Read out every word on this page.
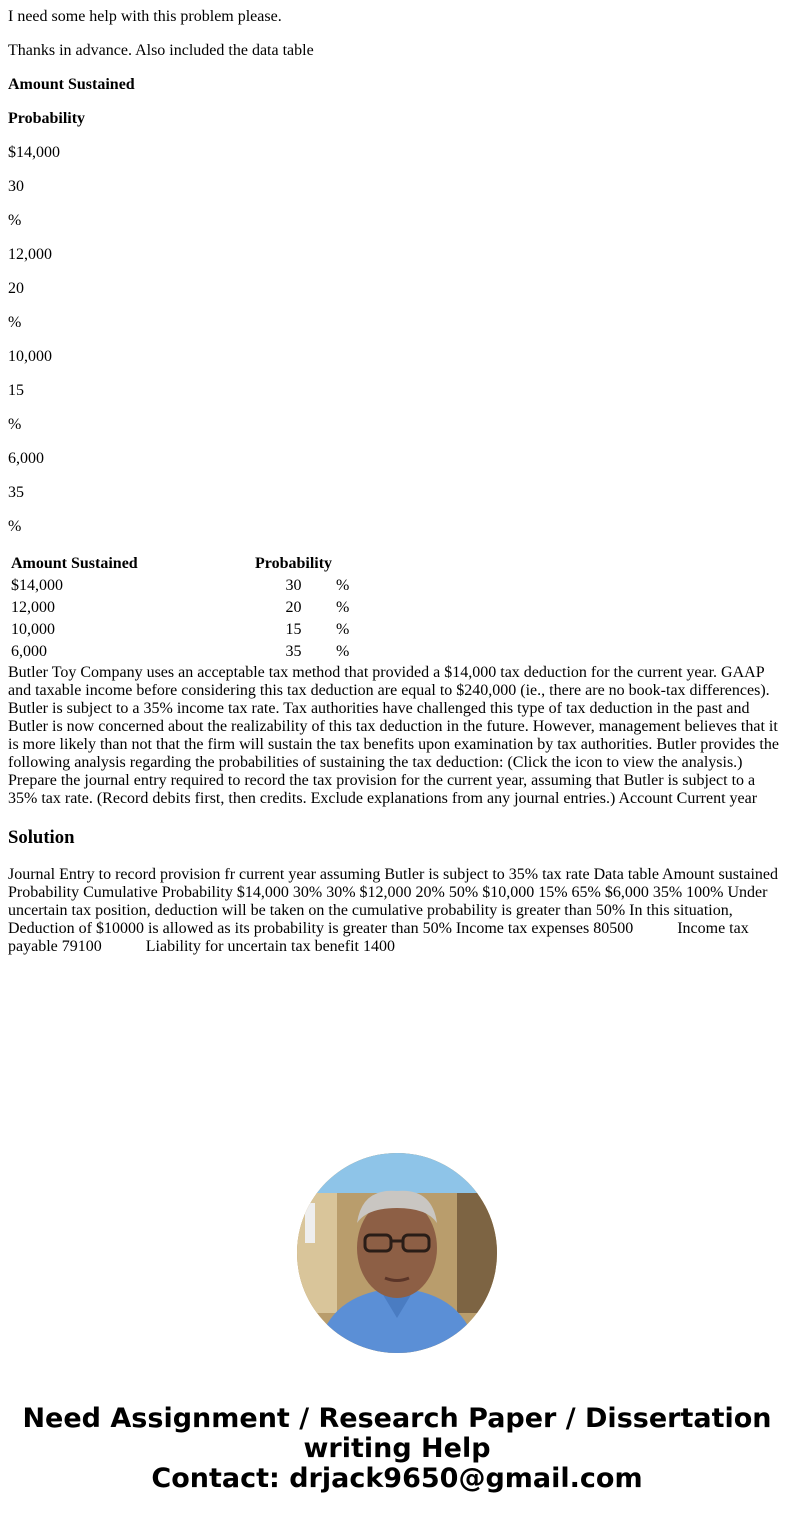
I need some help with this problem please.

Thanks in advance. Also included the data table

Amount Sustained

Probability

$14,000

30

%

12,000

20

%

10,000

15

%

6,000

35

%

Amount Sustained	Probability	
$14,000	30	%
12,000	20	%
10,000	15	%
6,000	35	%
Butler Toy Company uses an acceptable tax method that provided a $14,000 tax deduction for the current year. GAAP and taxable income before considering this tax deduction are equal to $240,000 (ie., there are no book-tax differences). Butler is subject to a 35% income tax rate. Tax authorities have challenged this type of tax deduction in the past and Butler is now concerned about the realizability of this tax deduction in the future. However, management believes that it is more likely than not that the firm will sustain the tax benefits upon examination by tax authorities. Butler provides the following analysis regarding the probabilities of sustaining the tax deduction: (Click the icon to view the analysis.) Prepare the journal entry required to record the tax provision for the current year, assuming that Butler is subject to a 35% tax rate. (Record debits first, then credits. Exclude explanations from any journal entries.) Account Current year
Solution

Journal Entry to record provision fr current year assuming Butler is subject to 35% tax rate Data table Amount sustained Probability Cumulative Probability $14,000 30% 30% $12,000 20% 50% $10,000 15% 65% $6,000 35% 100% Under uncertain tax position, deduction will be taken on the cumulative probability is greater than 50% In this situation, Deduction of $10000 is allowed as its probability is greater than 50% Income tax expenses 80500           Income tax payable 79100           Liability for uncertain tax benefit 1400

Need Assignment / Research Paper / Dissertation
writing Help
Contact: drjack9650@gmail.com
